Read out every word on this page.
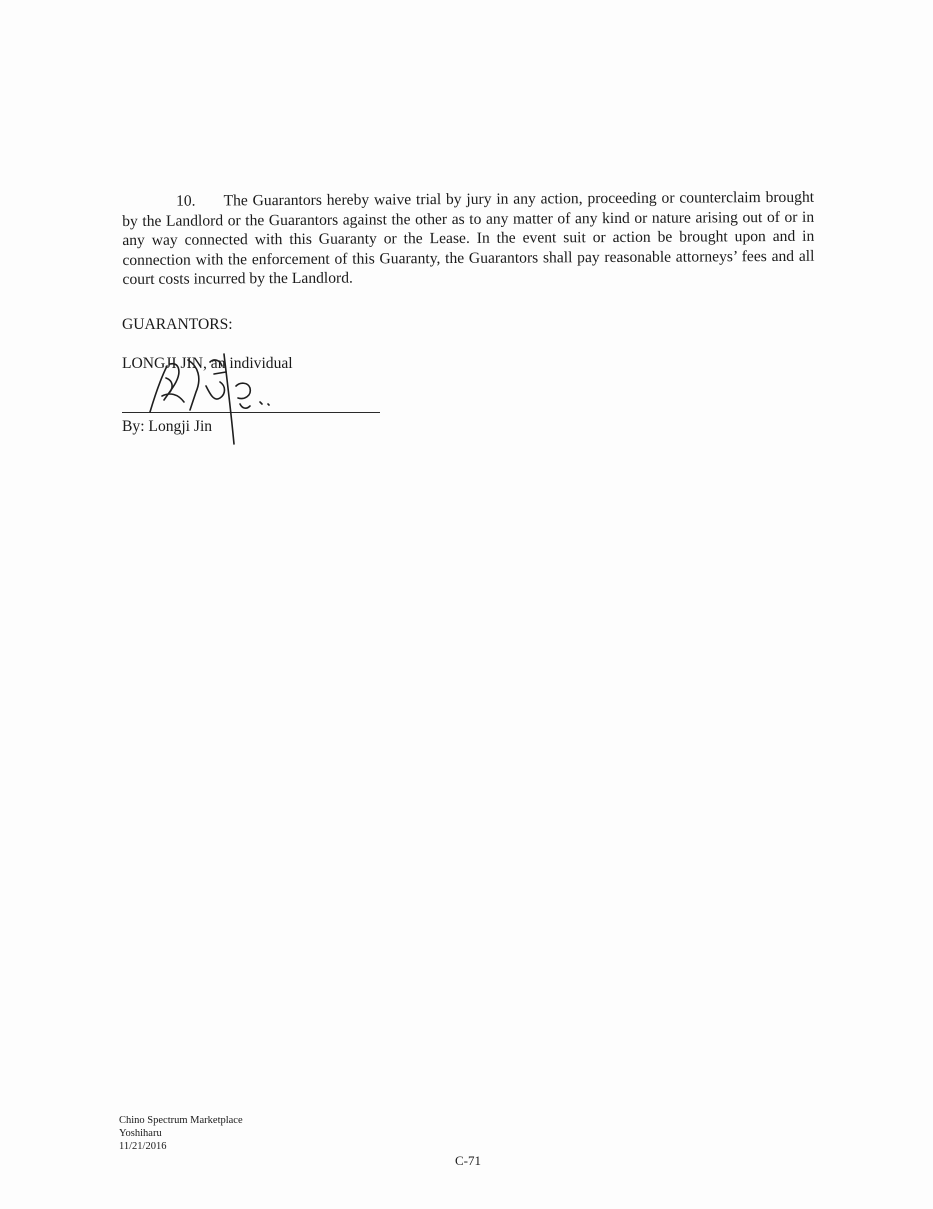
10. The Guarantors hereby waive trial by jury in any action, proceeding or counterclaim brought by the Landlord or the Guarantors against the other as to any matter of any kind or nature arising out of or in any way connected with this Guaranty or the Lease. In the event suit or action be brought upon and in connection with the enforcement of this Guaranty, the Guarantors shall pay reasonable attorneys’ fees and all court costs incurred by the Landlord.
GUARANTORS:
LONGJI JIN, an individual
By: Longji Jin
Chino Spectrum Marketplace
Yoshiharu
11/21/2016
C-71
